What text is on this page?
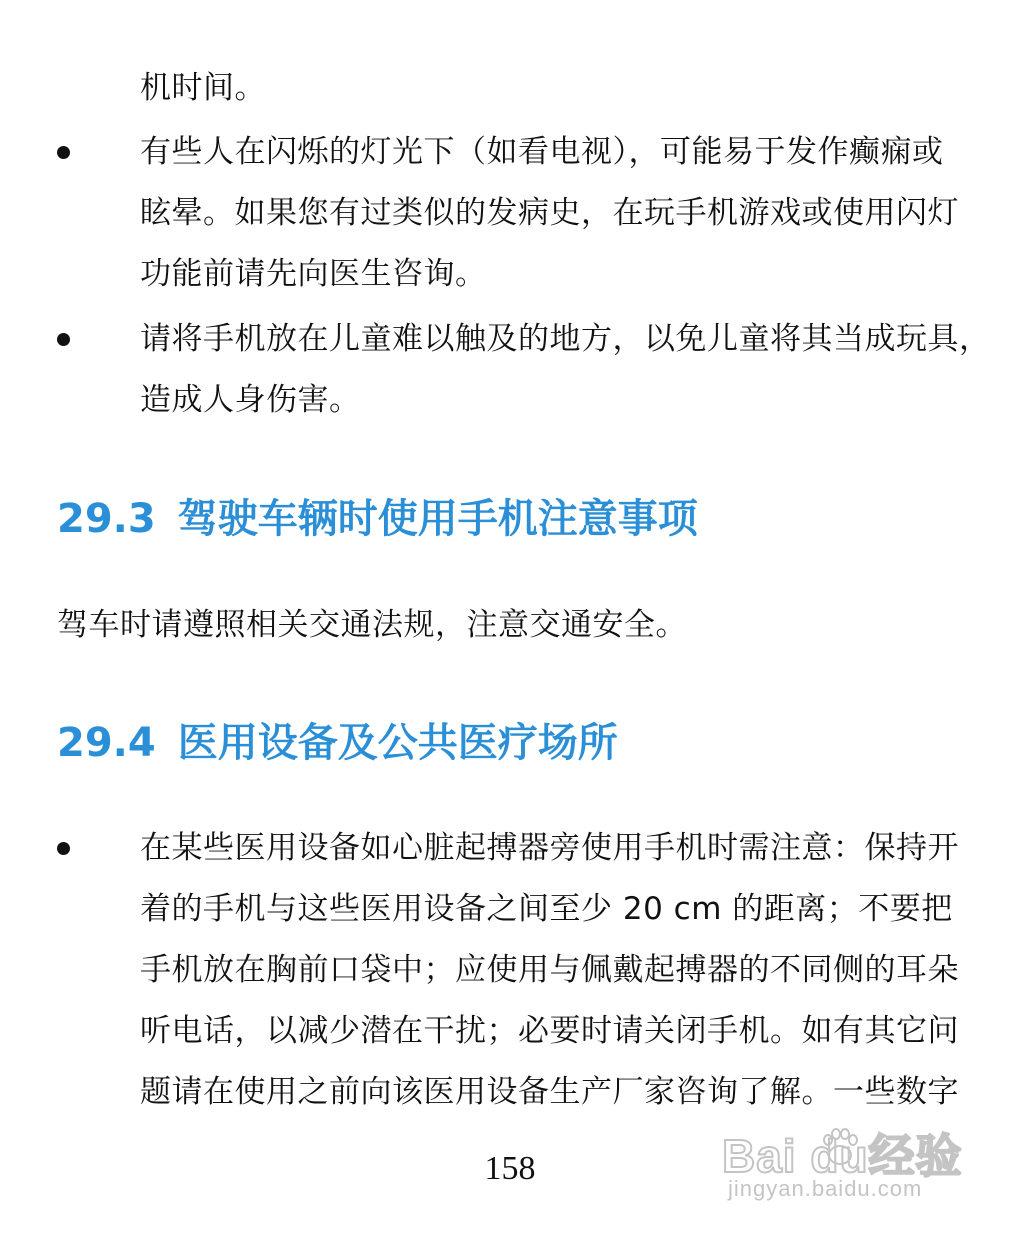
机时间。

有些人在闪烁的灯光下（如看电视），可能易于发作癫痫或
眩晕。如果您有过类似的发病史，在玩手机游戏或使用闪灯
功能前请先向医生咨询。

请将手机放在儿童难以触及的地方，以免儿童将其当成玩具，
造成人身伤害。

29.3 驾驶车辆时使用手机注意事项

驾车时请遵照相关交通法规，注意交通安全。

29.4 医用设备及公共医疗场所

在某些医用设备如心脏起搏器旁使用手机时需注意：保持开
着的手机与这些医用设备之间至少 20 cm 的距离；不要把
手机放在胸前口袋中；应使用与佩戴起搏器的不同侧的耳朵
听电话，以减少潜在干扰；必要时请关闭手机。如有其它问
题请在使用之前向该医用设备生产厂家咨询了解。一些数字

158	Bai du经验
jingyan.baidu.com
